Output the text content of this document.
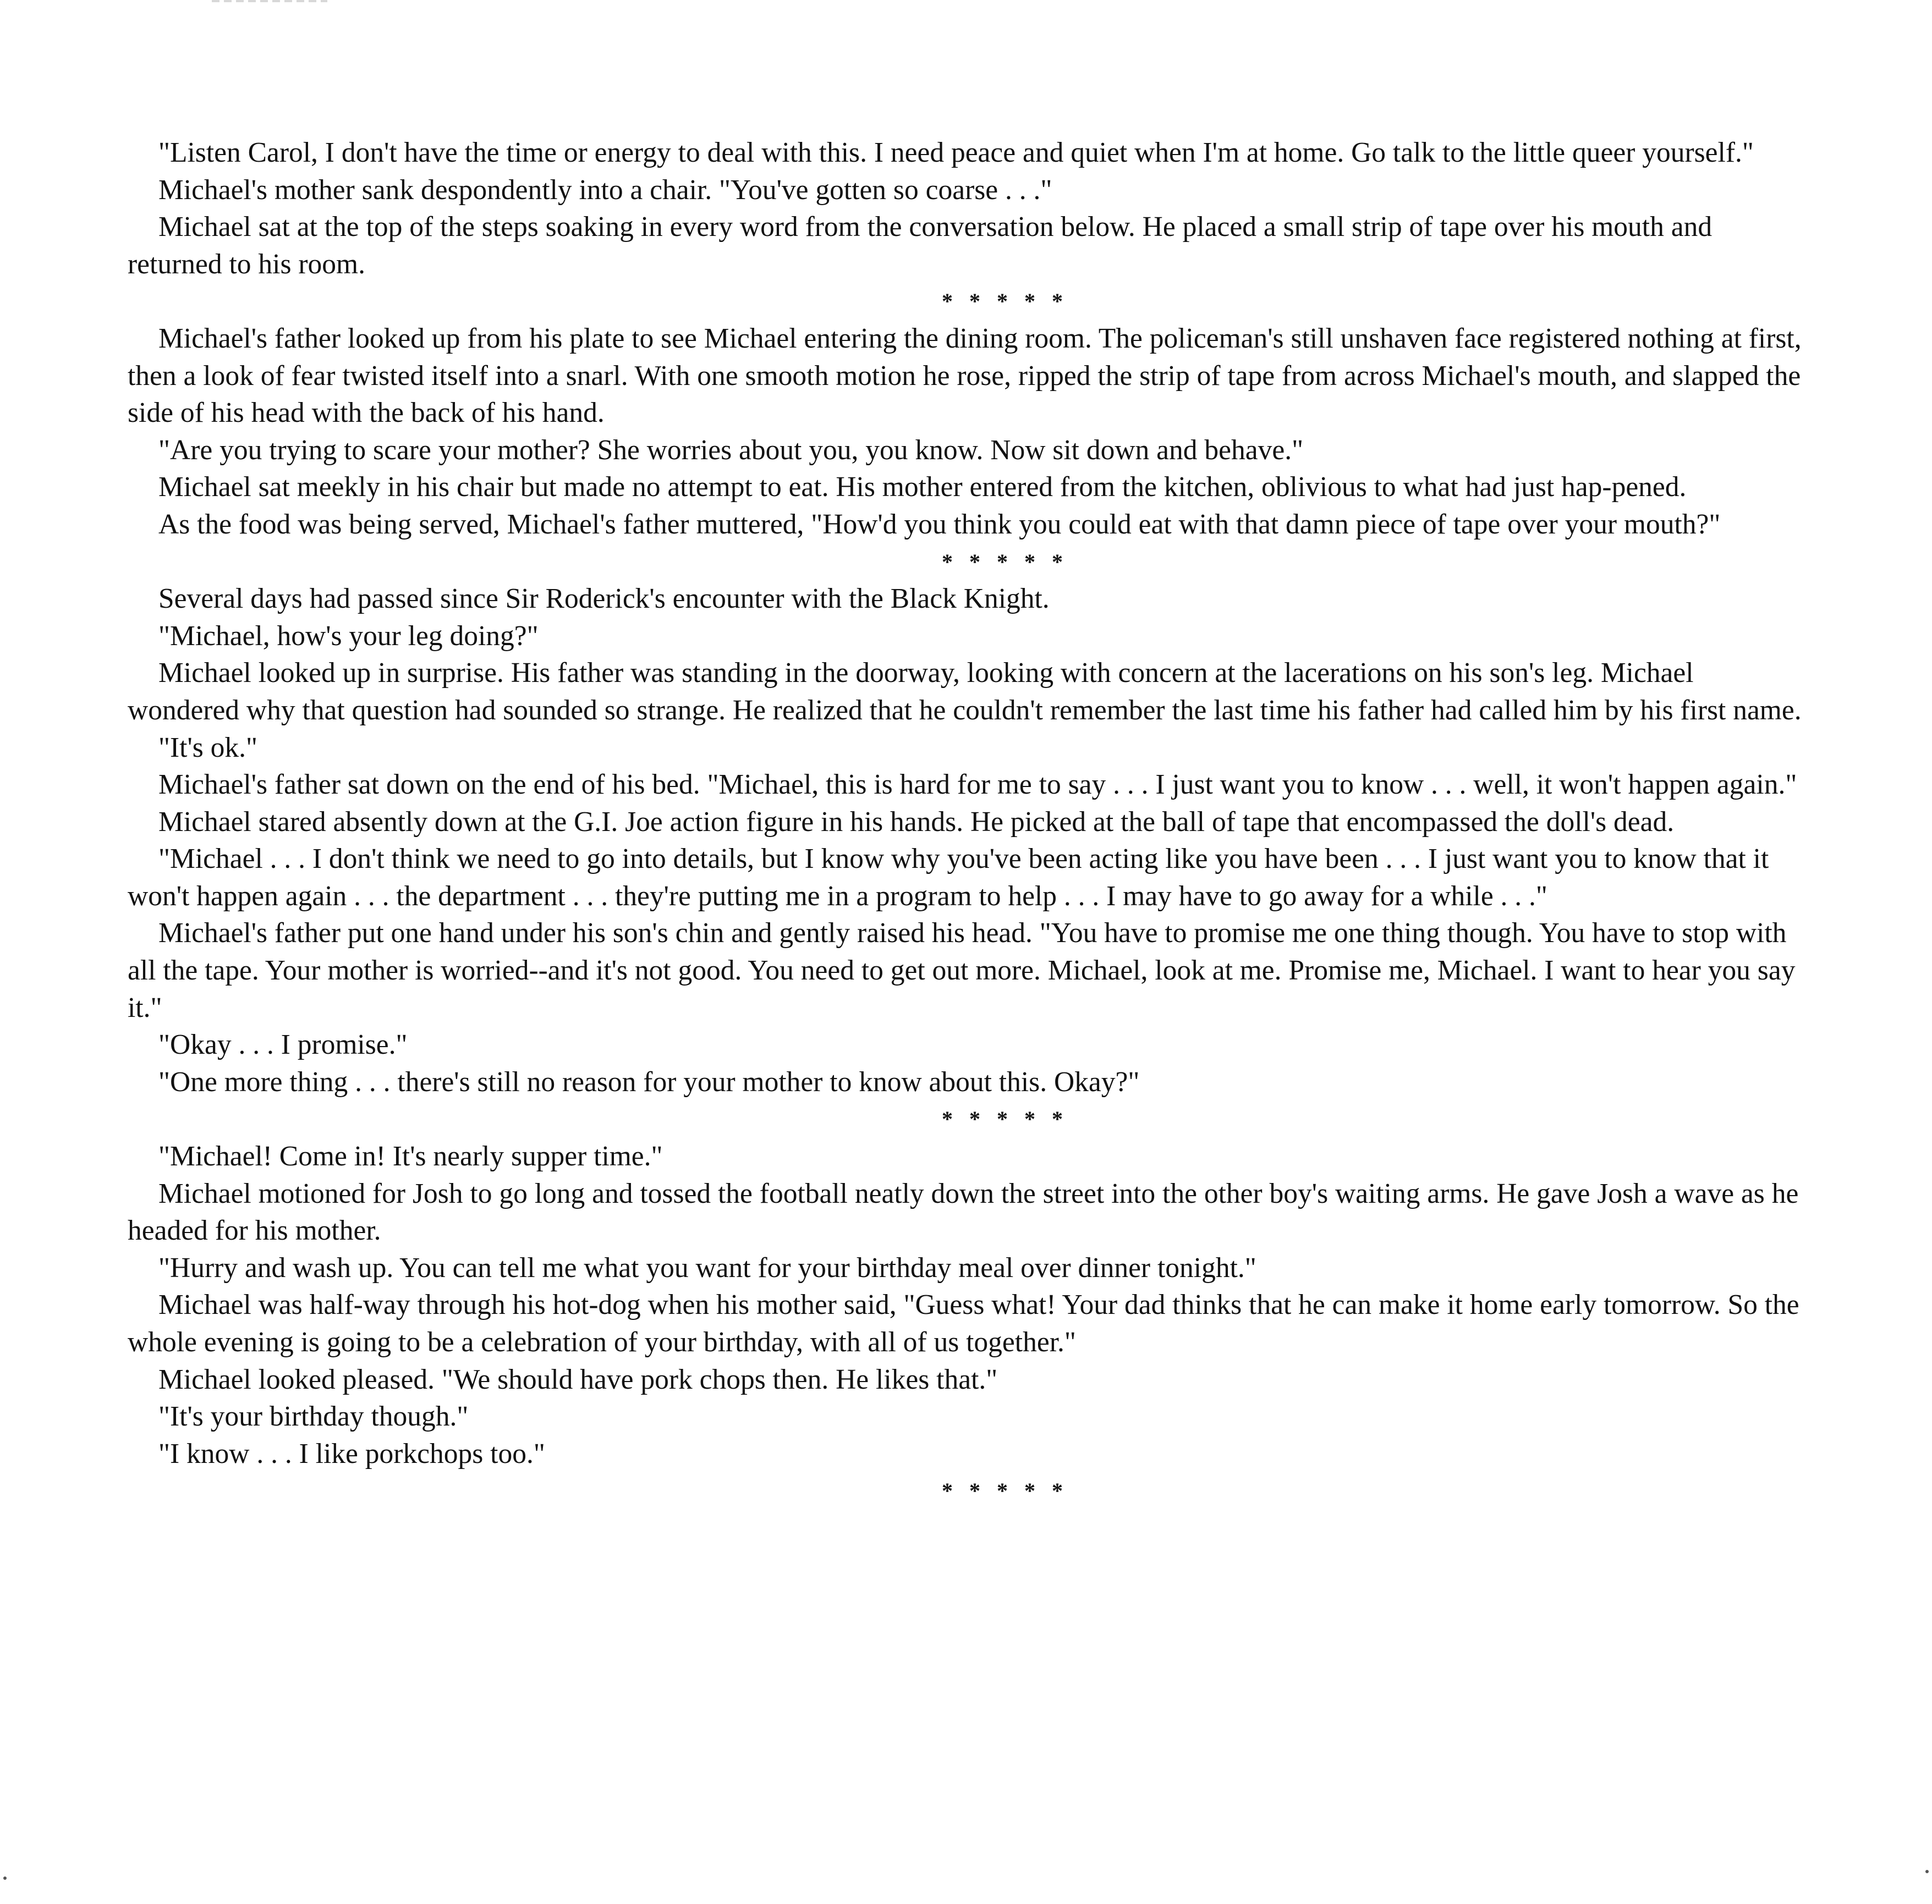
"Listen Carol, I don't have the time or energy to deal with this. I need peace and quiet when I'm at home. Go talk to the little queer yourself."

Michael's mother sank despondently into a chair. "You've gotten so coarse . . ."

Michael sat at the top of the steps soaking in every word from the conversation below. He placed a small strip of tape over his mouth and returned to his room.

* * * * *

Michael's father looked up from his plate to see Michael entering the dining room. The policeman's still unshaven face registered nothing at first, then a look of fear twisted itself into a snarl. With one smooth motion he rose, ripped the strip of tape from across Michael's mouth, and slapped the side of his head with the back of his hand.

"Are you trying to scare your mother? She worries about you, you know. Now sit down and behave."

Michael sat meekly in his chair but made no attempt to eat. His mother entered from the kitchen, oblivious to what had just hap-pened.

As the food was being served, Michael's father muttered, "How'd you think you could eat with that damn piece of tape over your mouth?"

* * * * *

Several days had passed since Sir Roderick's encounter with the Black Knight.

"Michael, how's your leg doing?"

Michael looked up in surprise. His father was standing in the doorway, looking with concern at the lacerations on his son's leg. Michael wondered why that question had sounded so strange. He realized that he couldn't remember the last time his father had called him by his first name.

"It's ok."

Michael's father sat down on the end of his bed. "Michael, this is hard for me to say . . . I just want you to know . . . well, it won't happen again."

Michael stared absently down at the G.I. Joe action figure in his hands. He picked at the ball of tape that encompassed the doll's dead.

"Michael . . . I don't think we need to go into details, but I know why you've been acting like you have been . . . I just want you to know that it won't happen again . . . the department . . . they're putting me in a program to help . . . I may have to go away for a while . . ."

Michael's father put one hand under his son's chin and gently raised his head. "You have to promise me one thing though. You have to stop with all the tape. Your mother is worried--and it's not good. You need to get out more. Michael, look at me. Promise me, Michael. I want to hear you say it."

"Okay . . . I promise."

"One more thing . . . there's still no reason for your mother to know about this. Okay?"

* * * * *

"Michael! Come in! It's nearly supper time."

Michael motioned for Josh to go long and tossed the football neatly down the street into the other boy's waiting arms. He gave Josh a wave as he headed for his mother.

"Hurry and wash up. You can tell me what you want for your birthday meal over dinner tonight."

Michael was half-way through his hot-dog when his mother said, "Guess what! Your dad thinks that he can make it home early tomorrow. So the whole evening is going to be a celebration of your birthday, with all of us together."

Michael looked pleased. "We should have pork chops then. He likes that."

"It's your birthday though."

"I know . . . I like porkchops too."

* * * * *
